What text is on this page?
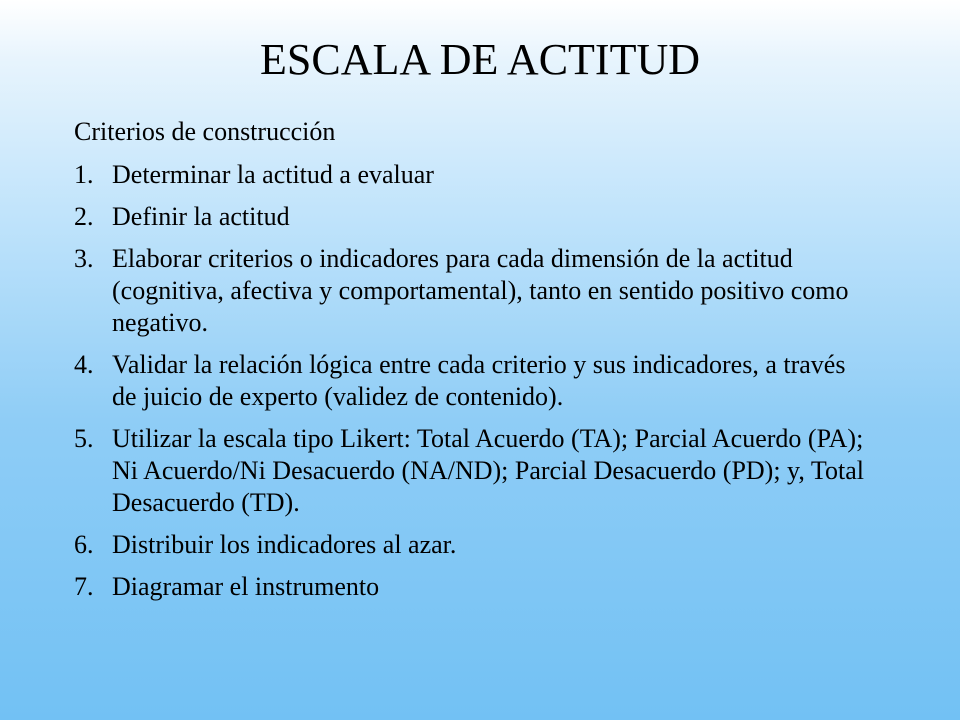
ESCALA DE ACTITUD

Criterios de construcción

1. Determinar la actitud a evaluar
2. Definir la actitud
3. Elaborar criterios o indicadores para cada dimensión de la actitud (cognitiva, afectiva y comportamental), tanto en sentido positivo como negativo.
4. Validar la relación lógica entre cada criterio y sus indicadores, a través de juicio de experto (validez de contenido).
5. Utilizar la escala tipo Likert: Total Acuerdo (TA); Parcial Acuerdo (PA); Ni Acuerdo/Ni Desacuerdo (NA/ND); Parcial Desacuerdo (PD); y, Total Desacuerdo (TD).
6. Distribuir los indicadores al azar.
7. Diagramar el instrumento
